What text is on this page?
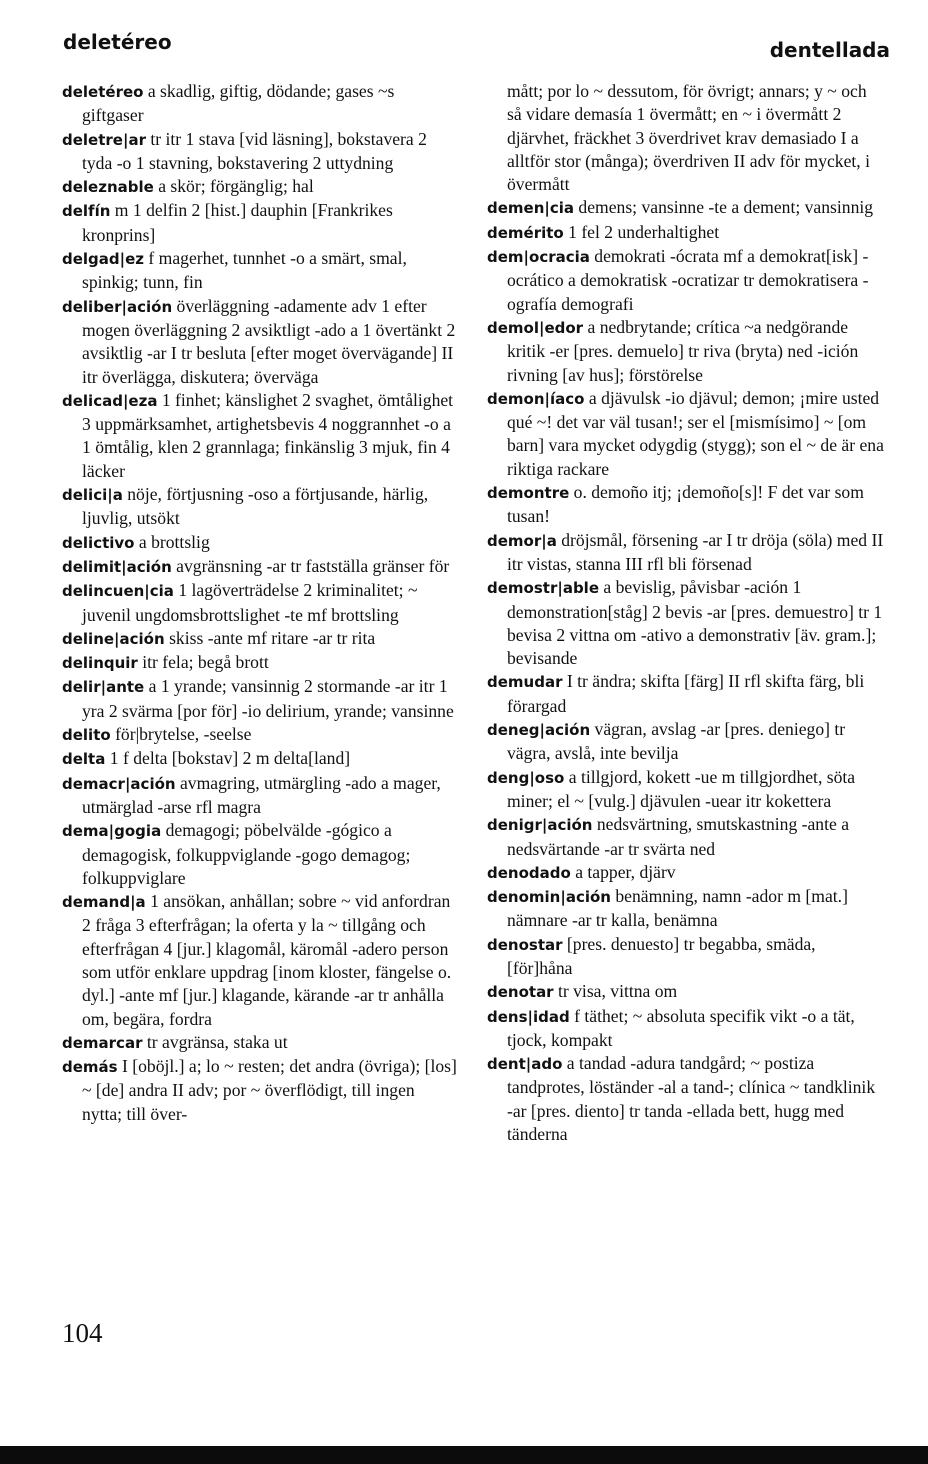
deletéreo	dentellada

deletéreo a skadlig, giftig, dödande; gases ~s giftgaser

deletre|ar tr itr 1 stava [vid läsning], bokstavera 2 tyda -o 1 stavning, bokstavering 2 uttydning

deleznable a skör; förgänglig; hal

delfín m 1 delfin 2 [hist.] dauphin [Frankrikes kronprins]

delgad|ez f magerhet, tunnhet -o a smärt, smal, spinkig; tunn, fin

deliber|ación överläggning -adamente adv 1 efter mogen överläggning 2 avsiktligt -ado a 1 övertänkt 2 avsiktlig -ar I tr besluta [efter moget övervägande] II itr överlägga, diskutera; överväga

delicad|eza 1 finhet; känslighet 2 svaghet, ömtålighet 3 uppmärksamhet, artighetsbevis 4 noggrannhet -o a 1 ömtålig, klen 2 grannlaga; finkänslig 3 mjuk, fin 4 läcker

delici|a nöje, förtjusning -oso a förtjusande, härlig, ljuvlig, utsökt

delictivo a brottslig

delimit|ación avgränsning -ar tr fastställa gränser för

delincuen|cia 1 lagöverträdelse 2 kriminalitet; ~ juvenil ungdomsbrottslighet -te mf brottsling

deline|ación skiss -ante mf ritare -ar tr rita

delinquir itr fela; begå brott

delir|ante a 1 yrande; vansinnig 2 stormande -ar itr 1 yra 2 svärma [por för] -io delirium, yrande; vansinne

delito för|brytelse, -seelse

delta 1 f delta [bokstav] 2 m delta[land]

demacr|ación avmagring, utmärgling -ado a mager, utmärglad -arse rfl magra

dema|gogia demagogi; pöbelvälde -gógico a demagogisk, folkuppviglande -gogo demagog; folkuppviglare

demand|a 1 ansökan, anhållan; sobre ~ vid anfordran 2 fråga 3 efterfrågan; la oferta y la ~ tillgång och efterfrågan 4 [jur.] klagomål, käromål -adero person som utför enklare uppdrag [inom kloster, fängelse o. dyl.] -ante mf [jur.] klagande, kärande -ar tr anhålla om, begära, fordra

demarcar tr avgränsa, staka ut

demás I [oböjl.] a; lo ~ resten; det andra (övriga); [los] ~ [de] andra II adv; por ~ överflödigt, till ingen nytta; till över-

mått; por lo ~ dessutom, för övrigt; annars; y ~ och så vidare demasía 1 övermått; en ~ i övermått 2 djärvhet, fräckhet 3 överdrivet krav demasiado I a alltför stor (många); överdriven II adv för mycket, i övermått

demen|cia demens; vansinne -te a dement; vansinnig

demérito 1 fel 2 underhaltighet

dem|ocracia demokrati -ócrata mf a demokrat[isk] -ocrático a demokratisk -ocratizar tr demokratisera -ografía demografi

demol|edor a nedbrytande; crítica ~a nedgörande kritik -er [pres. demuelo] tr riva (bryta) ned -ición rivning [av hus]; förstörelse

demon|íaco a djävulsk -io djävul; demon; ¡mire usted qué ~! det var väl tusan!; ser el [mismísimo] ~ [om barn] vara mycket odygdig (stygg); son el ~ de är ena riktiga rackare

demontre o. demoño itj; ¡demoño[s]! F det var som tusan!

demor|a dröjsmål, försening -ar I tr dröja (söla) med II itr vistas, stanna III rfl bli försenad

demostr|able a bevislig, påvisbar -ación 1 demonstration[ståg] 2 bevis -ar [pres. demuestro] tr 1 bevisa 2 vittna om -ativo a demonstrativ [äv. gram.]; bevisande

demudar I tr ändra; skifta [färg] II rfl skifta färg, bli förargad

deneg|ación vägran, avslag -ar [pres. deniego] tr vägra, avslå, inte bevilja

deng|oso a tillgjord, kokett -ue m tillgjordhet, söta miner; el ~ [vulg.] djävulen -uear itr kokettera

denigr|ación nedsvärtning, smutskastning -ante a nedsvärtande -ar tr svärta ned

denodado a tapper, djärv

denomin|ación benämning, namn -ador m [mat.] nämnare -ar tr kalla, benämna

denostar [pres. denuesto] tr begabba, smäda, [för]håna

denotar tr visa, vittna om

dens|idad f täthet; ~ absoluta specifik vikt -o a tät, tjock, kompakt

dent|ado a tandad -adura tandgård; ~ postiza tandprotes, löständer -al a tand-; clínica ~ tandklinik -ar [pres. diento] tr tanda -ellada bett, hugg med tänderna

104
